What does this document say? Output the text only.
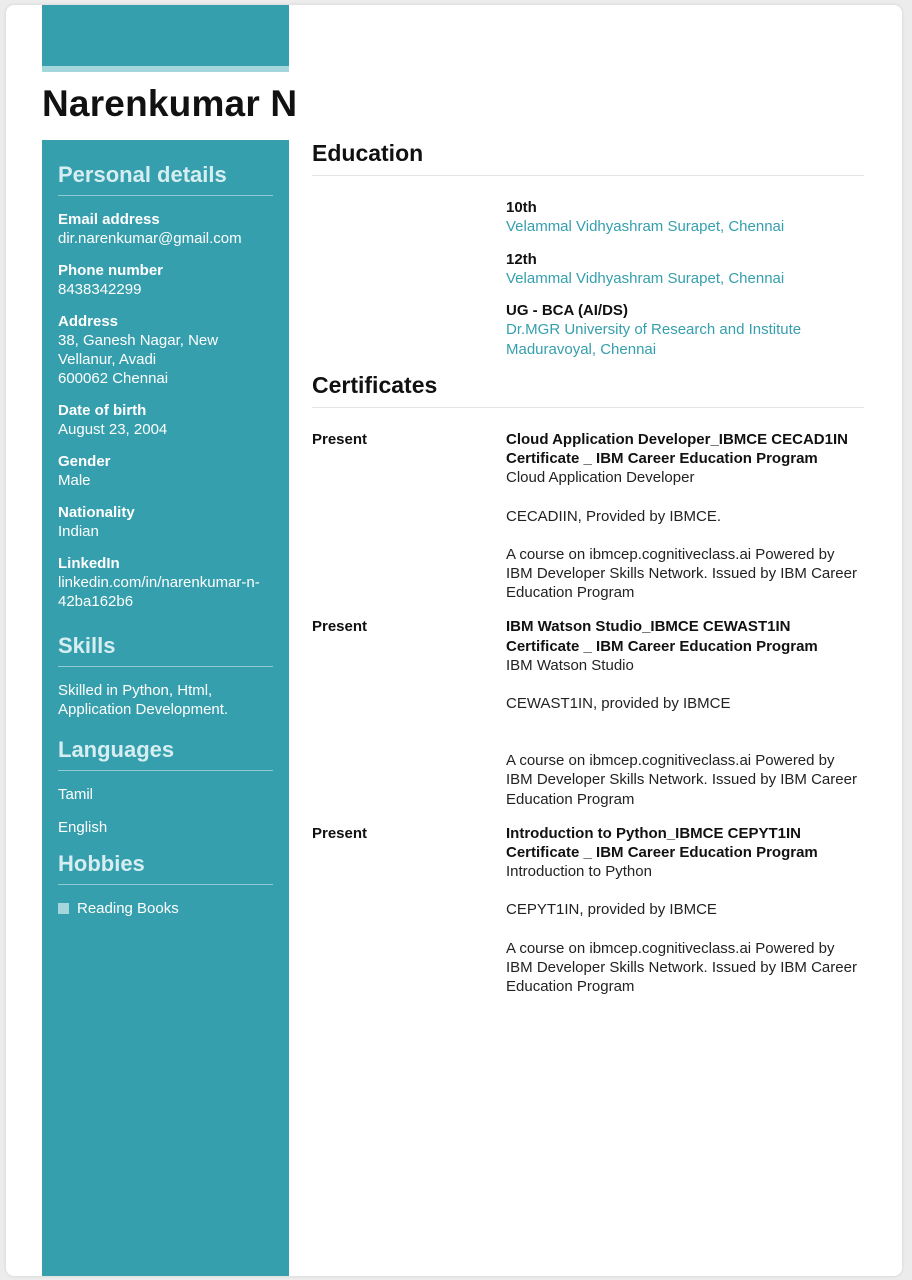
Narenkumar N
Personal details
Email address
dir.narenkumar@gmail.com
Phone number
8438342299
Address
38, Ganesh Nagar, New
Vellanur, Avadi
600062 Chennai
Date of birth
August 23, 2004
Gender
Male
Nationality
Indian
LinkedIn
linkedin.com/in/narenkumar-n-
42ba162b6
Skills
Skilled in Python, Html,
Application Development.
Languages
Tamil
English
Hobbies
Reading Books
Education
10th
Velammal Vidhyashram Surapet, Chennai
12th
Velammal Vidhyashram Surapet, Chennai
UG - BCA (AI/DS)
Dr.MGR University of Research and Institute
Maduravoyal, Chennai
Certificates
Present	Cloud Application Developer_IBMCE CECAD1IN
Certificate _ IBM Career Education Program

Cloud Application Developer

CECADIIN, Provided by IBMCE.

A course on ibmcep.cognitiveclass.ai Powered by

IBM Developer Skills Network. Issued by IBM Career

Education Program

Present	IBM Watson Studio_IBMCE CEWAST1IN
Certificate _ IBM Career Education Program

IBM Watson Studio

CEWAST1IN, provided by IBMCE

A course on ibmcep.cognitiveclass.ai Powered by

IBM Developer Skills Network. Issued by IBM Career

Education Program

Present	Introduction to Python_IBMCE CEPYT1IN
Certificate _ IBM Career Education Program

Introduction to Python

CEPYT1IN, provided by IBMCE

A course on ibmcep.cognitiveclass.ai Powered by

IBM Developer Skills Network. Issued by IBM Career

Education Program
